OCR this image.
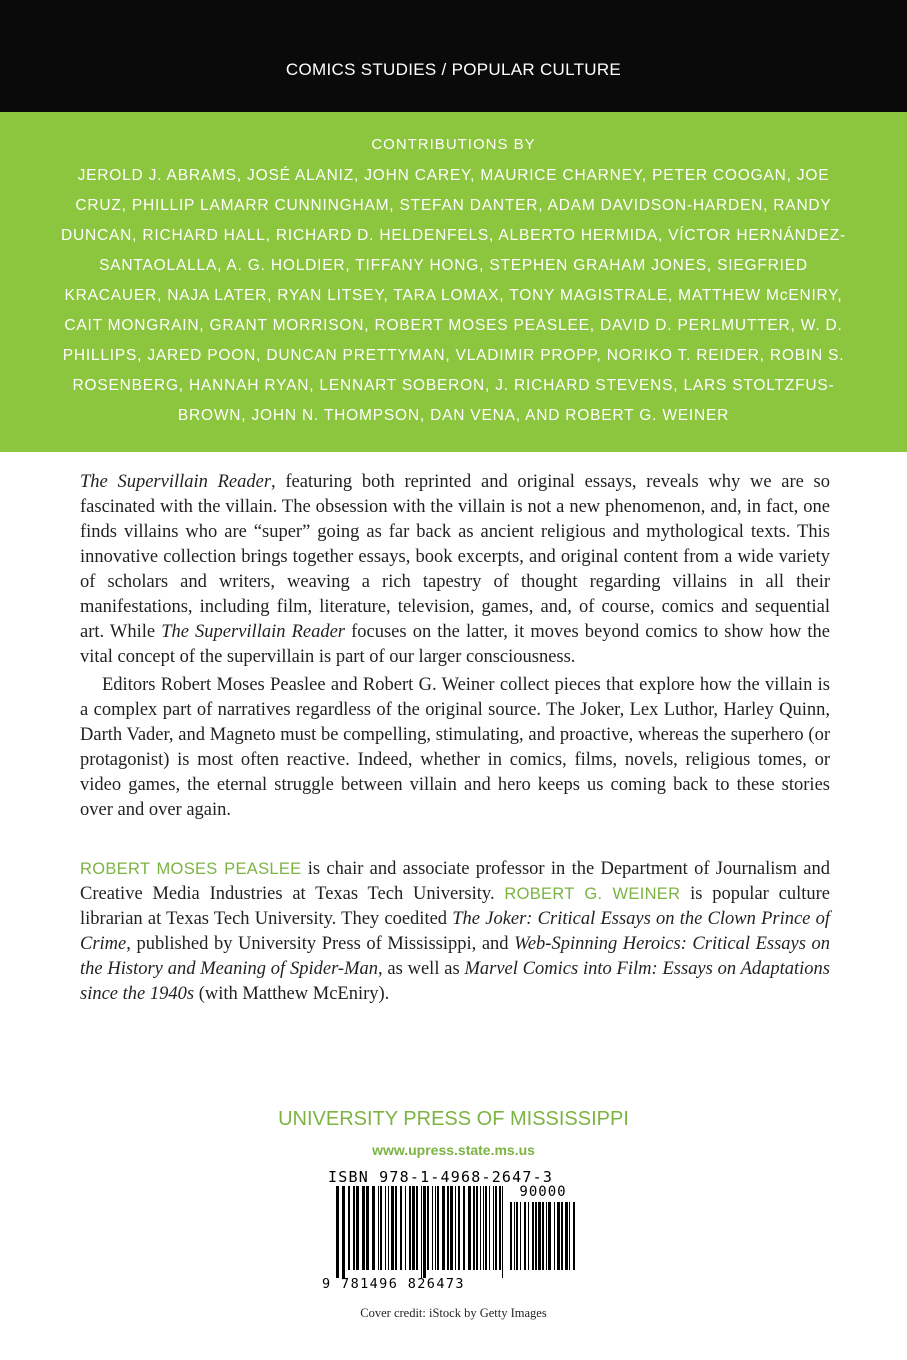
COMICS STUDIES / POPULAR CULTURE
CONTRIBUTIONS BY
JEROLD J. ABRAMS, JOSÉ ALANIZ, JOHN CAREY, MAURICE CHARNEY, PETER COOGAN, JOE
CRUZ, PHILLIP LAMARR CUNNINGHAM, STEFAN DANTER, ADAM DAVIDSON-HARDEN, RANDY
DUNCAN, RICHARD HALL, RICHARD D. HELDENFELS, ALBERTO HERMIDA, VÍCTOR HERNÁNDEZ-
SANTAOLALLA, A. G. HOLDIER, TIFFANY HONG, STEPHEN GRAHAM JONES, SIEGFRIED
KRACAUER, NAJA LATER, RYAN LITSEY, TARA LOMAX, TONY MAGISTRALE, MATTHEW McENIRY,
CAIT MONGRAIN, GRANT MORRISON, ROBERT MOSES PEASLEE, DAVID D. PERLMUTTER, W. D.
PHILLIPS, JARED POON, DUNCAN PRETTYMAN, VLADIMIR PROPP, NORIKO T. REIDER, ROBIN S.
ROSENBERG, HANNAH RYAN, LENNART SOBERON, J. RICHARD STEVENS, LARS STOLTZFUS-
BROWN, JOHN N. THOMPSON, DAN VENA, AND ROBERT G. WEINER

The Supervillain Reader, featuring both reprinted and original essays, reveals why we are so fascinated with the villain. The obsession with the villain is not a new phenomenon, and, in fact, one finds villains who are “super” going as far back as ancient religious and mythological texts. This innovative collection brings together essays, book excerpts, and original content from a wide variety of scholars and writers, weaving a rich tapestry of thought regarding villains in all their manifestations, including film, literature, television, games, and, of course, comics and sequential art. While The Supervillain Reader focuses on the latter, it moves beyond comics to show how the vital concept of the supervillain is part of our larger consciousness.

Editors Robert Moses Peaslee and Robert G. Weiner collect pieces that explore how the villain is a complex part of narratives regardless of the original source. The Joker, Lex Luthor, Harley Quinn, Darth Vader, and Magneto must be compelling, stimulating, and proactive, whereas the superhero (or protagonist) is most often reactive. Indeed, whether in comics, films, novels, religious tomes, or video games, the eternal struggle between villain and hero keeps us coming back to these stories over and over again.

ROBERT MOSES PEASLEE is chair and associate professor in the Department of Journalism and Creative Media Industries at Texas Tech University. ROBERT G. WEINER is popular culture librarian at Texas Tech University. They coedited The Joker: Critical Essays on the Clown Prince of Crime, published by University Press of Mississippi, and Web-Spinning Heroics: Critical Essays on the History and Meaning of Spider-Man, as well as Marvel Comics into Film: Essays on Adaptations since the 1940s (with Matthew McEniry).

UNIVERSITY PRESS OF MISSISSIPPI
www.upress.state.ms.us
ISBN 978-1-4968-2647-3
90000
9 781496 826473
Cover credit: iStock by Getty Images
